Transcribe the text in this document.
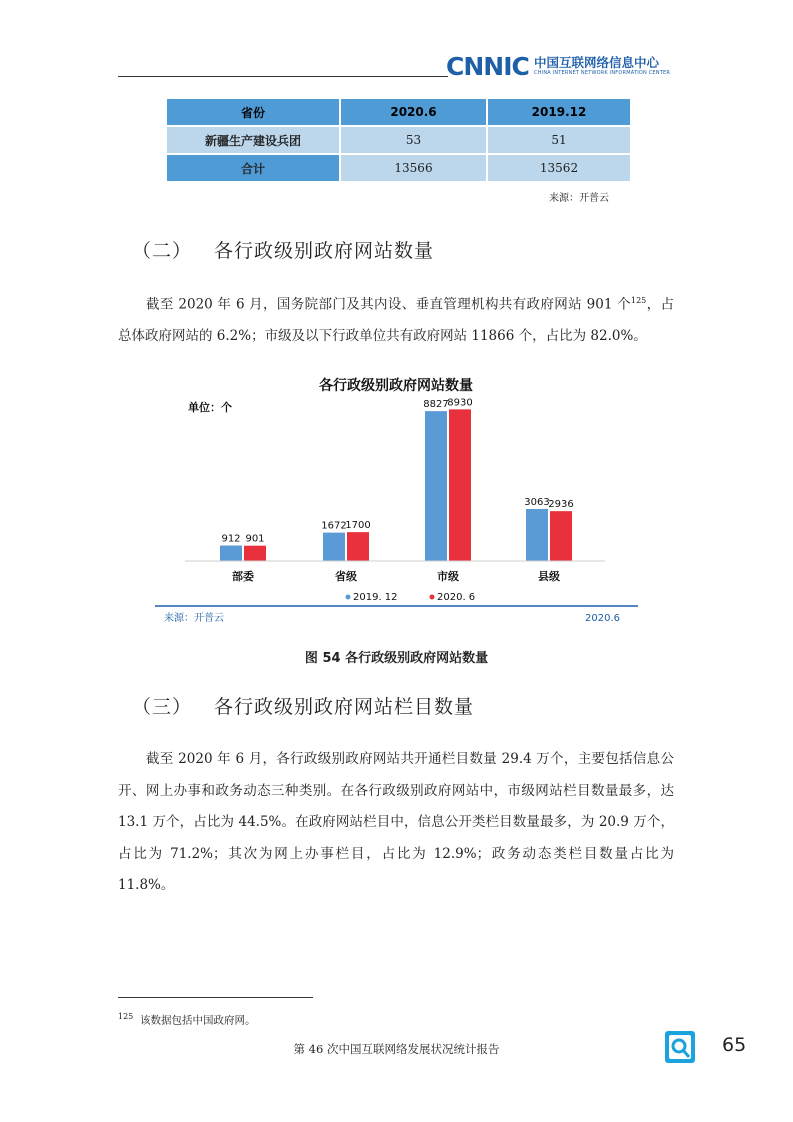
CNNIC 中国互联网络信息中心
CHINA INTERNET NETWORK INFORMATION CENTER
省份	2020.6	2019.12
新疆生产建设兵团	53	51
合计	13566	13562
来源：开普云
（二） 各行政级别政府网站数量

截至 2020 年 6 月，国务院部门及其内设、垂直管理机构共有政府网站 901 个$^{125}$，占总体政府网站的 6.2%；市级及以下行政单位共有政府网站 11866 个，占比为 82.0%。

各行政级别政府网站数量
单位：个
912 901
部委
1672
1700
省级
8827
8930
市级
3063
2936
县级
2019. 12	2020. 6
来源：开普云	2020.6
图 54 各行政级别政府网站数量
（三） 各行政级别政府网站栏目数量

截至 2020 年 6 月，各行政级别政府网站共开通栏目数量 29.4 万个，主要包括信息公开、网上办事和政务动态三种类别。在各行政级别政府网站中，市级网站栏目数量最多，达 13.1 万个，占比为 44.5%。在政府网站栏目中，信息公开类栏目数量最多，为 20.9 万个，占比为 71.2%；其次为网上办事栏目，占比为 12.9%；政务动态类栏目数量占比为 11.8%。

$^{125}$ 该数据包括中国政府网。
第 46 次中国互联网络发展状况统计报告	65
